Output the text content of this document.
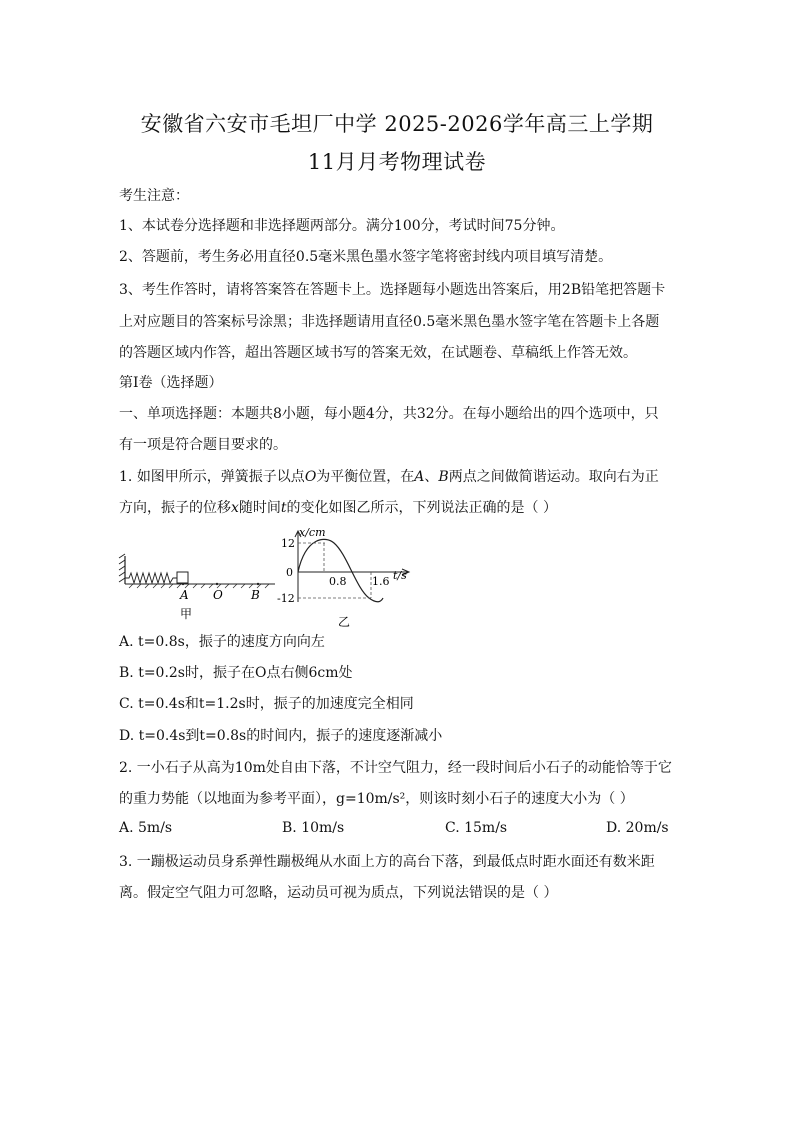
安徽省六安市毛坦厂中学 2025-2026学年高三上学期
11月月考物理试卷
考生注意：
1、本试卷分选择题和非选择题两部分。满分100分，考试时间75分钟。
2、答题前，考生务必用直径0.5毫米黑色墨水签字笔将密封线内项目填写清楚。
3、考生作答时，请将答案答在答题卡上。选择题每小题选出答案后，用2B铅笔把答题卡
上对应题目的答案标号涂黑；非选择题请用直径0.5毫米黑色墨水签字笔在答题卡上各题
的答题区域内作答，超出答题区域书写的答案无效，在试题卷、草稿纸上作答无效。
第Ⅰ卷（选择题）
一、单项选择题：本题共8小题，每小题4分，共32分。在每小题给出的四个选项中，只
有一项是符合题目要求的。
1. 如图甲所示，弹簧振子以点O为平衡位置，在A、B两点之间做简谐运动。取向右为正
方向，振子的位移x随时间t的变化如图乙所示，下列说法正确的是（ ）
A O B
甲
x/cm
t/s
12
0
-12
0.8 1.6
乙
A. t=0.8s，振子的速度方向向左
B. t=0.2s时，振子在O点右侧6cm处
C. t=0.4s和t=1.2s时，振子的加速度完全相同
D. t=0.4s到t=0.8s的时间内，振子的速度逐渐减小
2. 一小石子从高为10m处自由下落，不计空气阻力，经一段时间后小石子的动能恰等于它
的重力势能（以地面为参考平面），g=10m/s²，则该时刻小石子的速度大小为（ ）
A. 5m/s	B. 10m/s	C. 15m/s	D. 20m/s
3. 一蹦极运动员身系弹性蹦极绳从水面上方的高台下落，到最低点时距水面还有数米距
离。假定空气阻力可忽略，运动员可视为质点，下列说法错误的是（ ）
